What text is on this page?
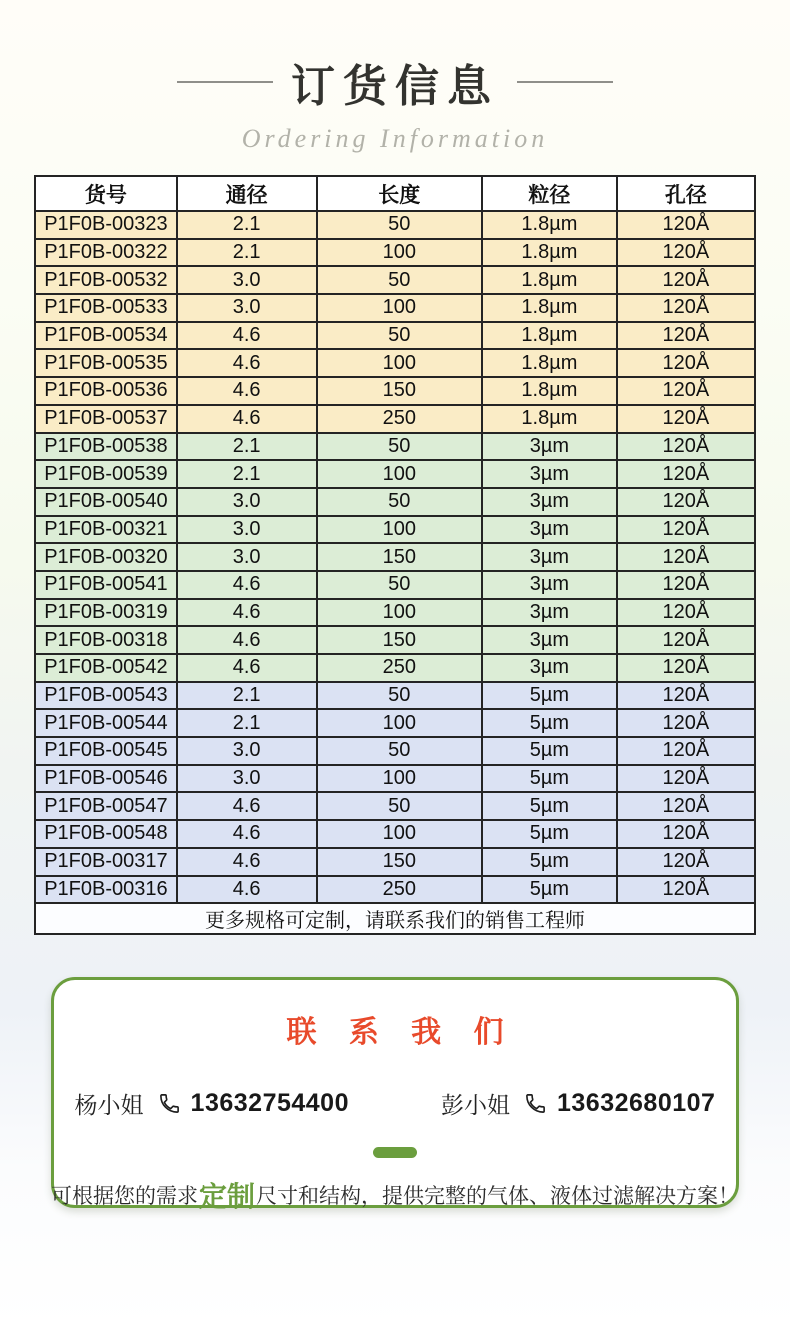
订货信息
Ordering Information
货号	通径	长度	粒径	孔径
P1F0B-00323	2.1	50	1.8µm	120Å
P1F0B-00322	2.1	100	1.8µm	120Å
P1F0B-00532	3.0	50	1.8µm	120Å
P1F0B-00533	3.0	100	1.8µm	120Å
P1F0B-00534	4.6	50	1.8µm	120Å
P1F0B-00535	4.6	100	1.8µm	120Å
P1F0B-00536	4.6	150	1.8µm	120Å
P1F0B-00537	4.6	250	1.8µm	120Å
P1F0B-00538	2.1	50	3µm	120Å
P1F0B-00539	2.1	100	3µm	120Å
P1F0B-00540	3.0	50	3µm	120Å
P1F0B-00321	3.0	100	3µm	120Å
P1F0B-00320	3.0	150	3µm	120Å
P1F0B-00541	4.6	50	3µm	120Å
P1F0B-00319	4.6	100	3µm	120Å
P1F0B-00318	4.6	150	3µm	120Å
P1F0B-00542	4.6	250	3µm	120Å
P1F0B-00543	2.1	50	5µm	120Å
P1F0B-00544	2.1	100	5µm	120Å
P1F0B-00545	3.0	50	5µm	120Å
P1F0B-00546	3.0	100	5µm	120Å
P1F0B-00547	4.6	50	5µm	120Å
P1F0B-00548	4.6	100	5µm	120Å
P1F0B-00317	4.6	150	5µm	120Å
P1F0B-00316	4.6	250	5µm	120Å
更多规格可定制，请联系我们的销售工程师				
联 系 我 们
杨小姐 13632754400	彭小姐 13632680107
可根据您的需求 定制 尺寸和结构，提供完整的气体、液体过滤解决方案！
